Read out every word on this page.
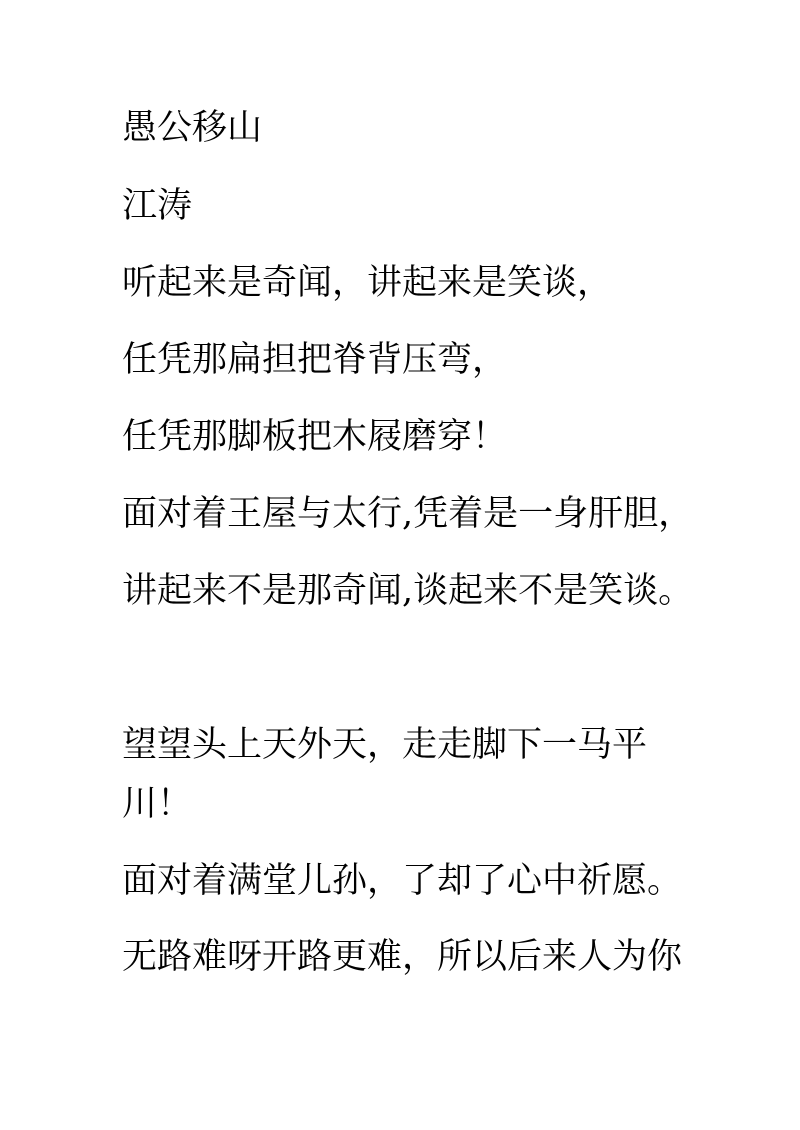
愚公移山
江涛
听起来是奇闻，讲起来是笑谈，
任凭那扁担把脊背压弯，
任凭那脚板把木屐磨穿！
面对着王屋与太行,凭着是一身肝胆，
讲起来不是那奇闻,谈起来不是笑谈。
望望头上天外天，走走脚下一马平
川！
面对着满堂儿孙，了却了心中祈愿。
无路难呀开路更难，所以后来人为你
